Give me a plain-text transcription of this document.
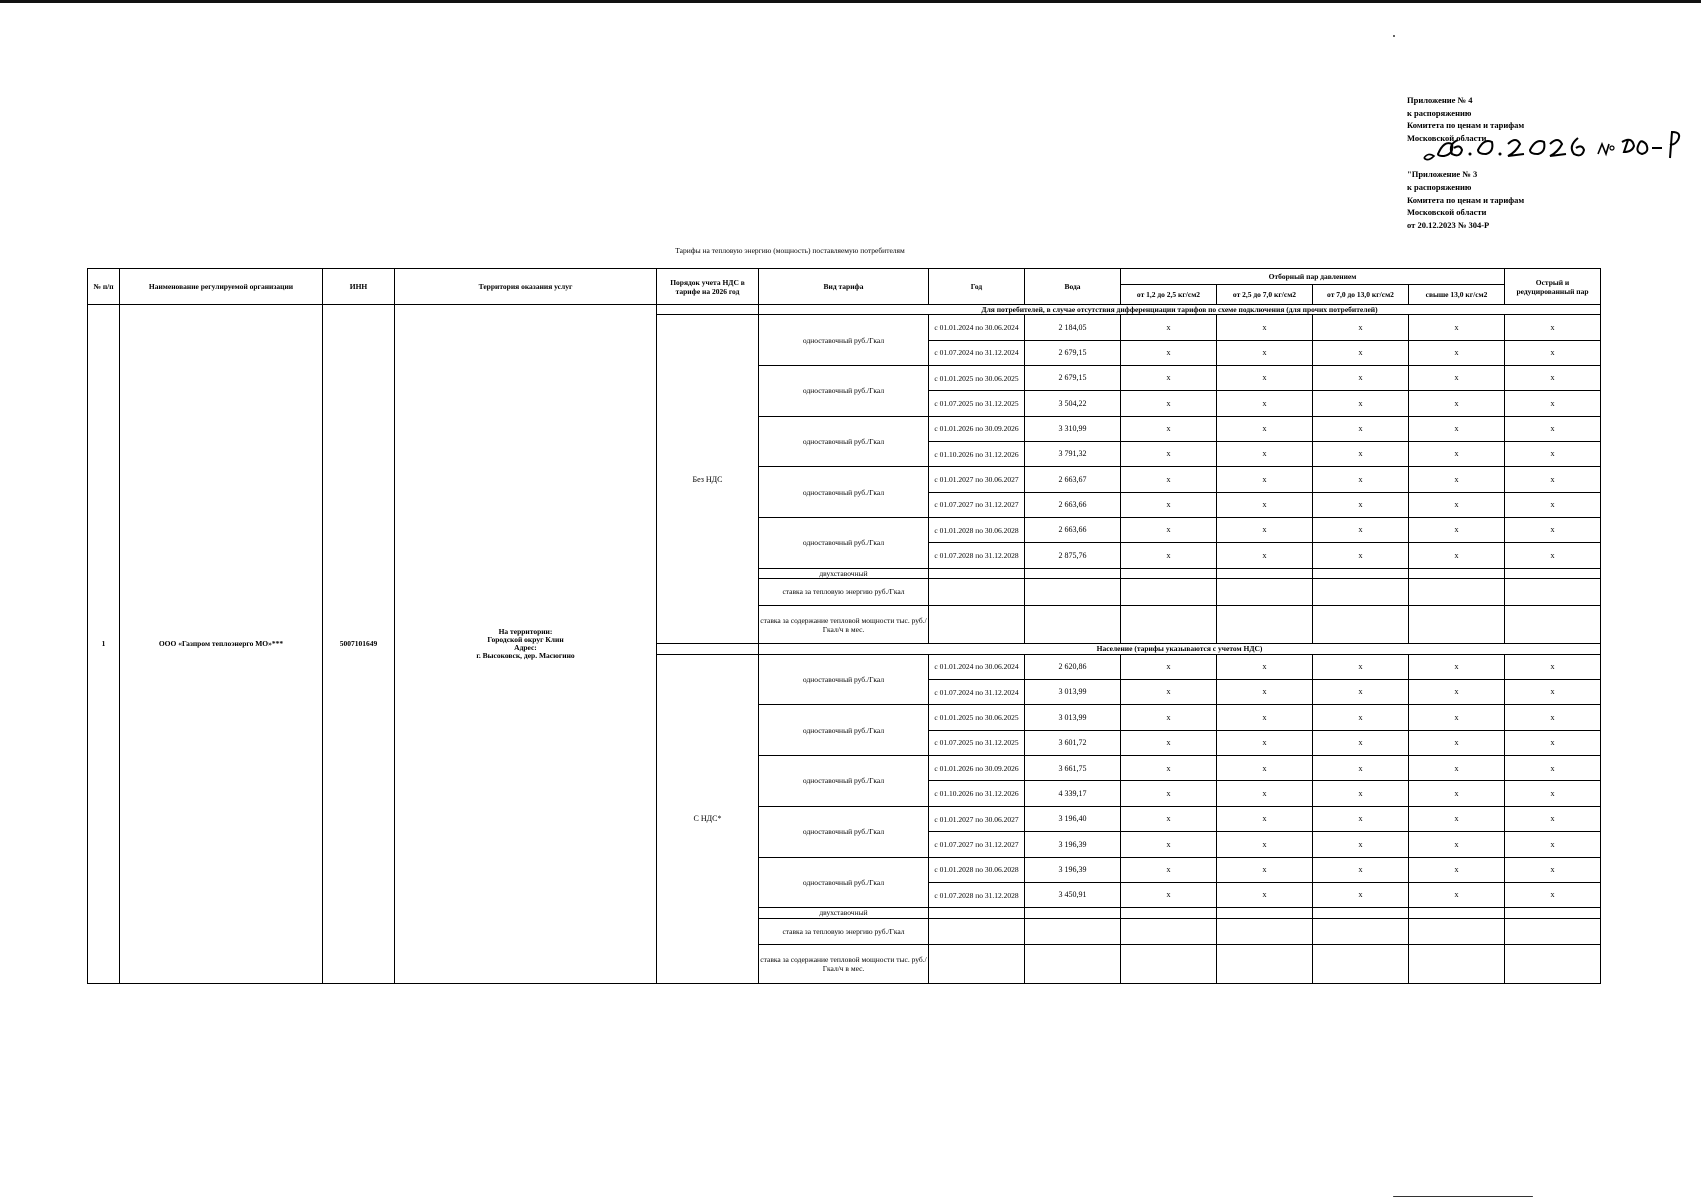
Приложение № 4
к распоряжению
Комитета по ценам и тарифам
Московской области
"Приложение № 3
к распоряжению
Комитета по ценам и тарифам
Московской области
от 20.12.2023 № 304-Р
Тарифы на тепловую энергию (мощность) поставляемую потребителям
№ п/п	Наименование регулируемой организации	ИНН	Территория оказания услуг	Порядок учета НДС в тарифе на 2026 год	Вид тарифа	Год	Вода	Отборный пар давлением				Острый и редуцированный пар
								от 1,2 до 2,5 кг/см2	от 2,5 до 7,0 кг/см2	от 7,0 до 13,0 кг/см2	свыше 13,0 кг/см2	
1	ООО «Газпром теплоэнерго МО»***	5007101649	На территории:
Городской округ Клин
Адрес:
г. Высоковск, дер. Масюгино		Для потребителей, в случае отсутствия дифференциации тарифов по схеме подключения (для прочих потребителей)							
				Без НДС	одноставочный руб./Гкал	с 01.01.2024 по 30.06.2024	2 184,05	x	x	x	x	x
						с 01.07.2024 по 31.12.2024	2 679,15	x	x	x	x	x
					одноставочный руб./Гкал	с 01.01.2025 по 30.06.2025	2 679,15	x	x	x	x	x
						с 01.07.2025 по 31.12.2025	3 504,22	x	x	x	x	x
					одноставочный руб./Гкал	с 01.01.2026 по 30.09.2026	3 310,99	x	x	x	x	x
						с 01.10.2026 по 31.12.2026	3 791,32	x	x	x	x	x
					одноставочный руб./Гкал	с 01.01.2027 по 30.06.2027	2 663,67	x	x	x	x	x
						с 01.07.2027 по 31.12.2027	2 663,66	x	x	x	x	x
					одноставочный руб./Гкал	с 01.01.2028 по 30.06.2028	2 663,66	x	x	x	x	x
						с 01.07.2028 по 31.12.2028	2 875,76	x	x	x	x	x
					двухставочный							
					ставка за тепловую энергию руб./Гкал							
					ставка за содержание тепловой мощности тыс. руб./Гкал/ч в мес.							
					Население (тарифы указываются с учетом НДС)							
				С НДС*	одноставочный руб./Гкал	с 01.01.2024 по 30.06.2024	2 620,86	x	x	x	x	x
						с 01.07.2024 по 31.12.2024	3 013,99	x	x	x	x	x
					одноставочный руб./Гкал	с 01.01.2025 по 30.06.2025	3 013,99	x	x	x	x	x
						с 01.07.2025 по 31.12.2025	3 601,72	x	x	x	x	x
					одноставочный руб./Гкал	с 01.01.2026 по 30.09.2026	3 661,75	x	x	x	x	x
						с 01.10.2026 по 31.12.2026	4 339,17	x	x	x	x	x
					одноставочный руб./Гкал	с 01.01.2027 по 30.06.2027	3 196,40	x	x	x	x	x
						с 01.07.2027 по 31.12.2027	3 196,39	x	x	x	x	x
					одноставочный руб./Гкал	с 01.01.2028 по 30.06.2028	3 196,39	x	x	x	x	x
						с 01.07.2028 по 31.12.2028	3 450,91	x	x	x	x	x
					двухставочный							
					ставка за тепловую энергию руб./Гкал							
					ставка за содержание тепловой мощности тыс. руб./Гкал/ч в мес.							
